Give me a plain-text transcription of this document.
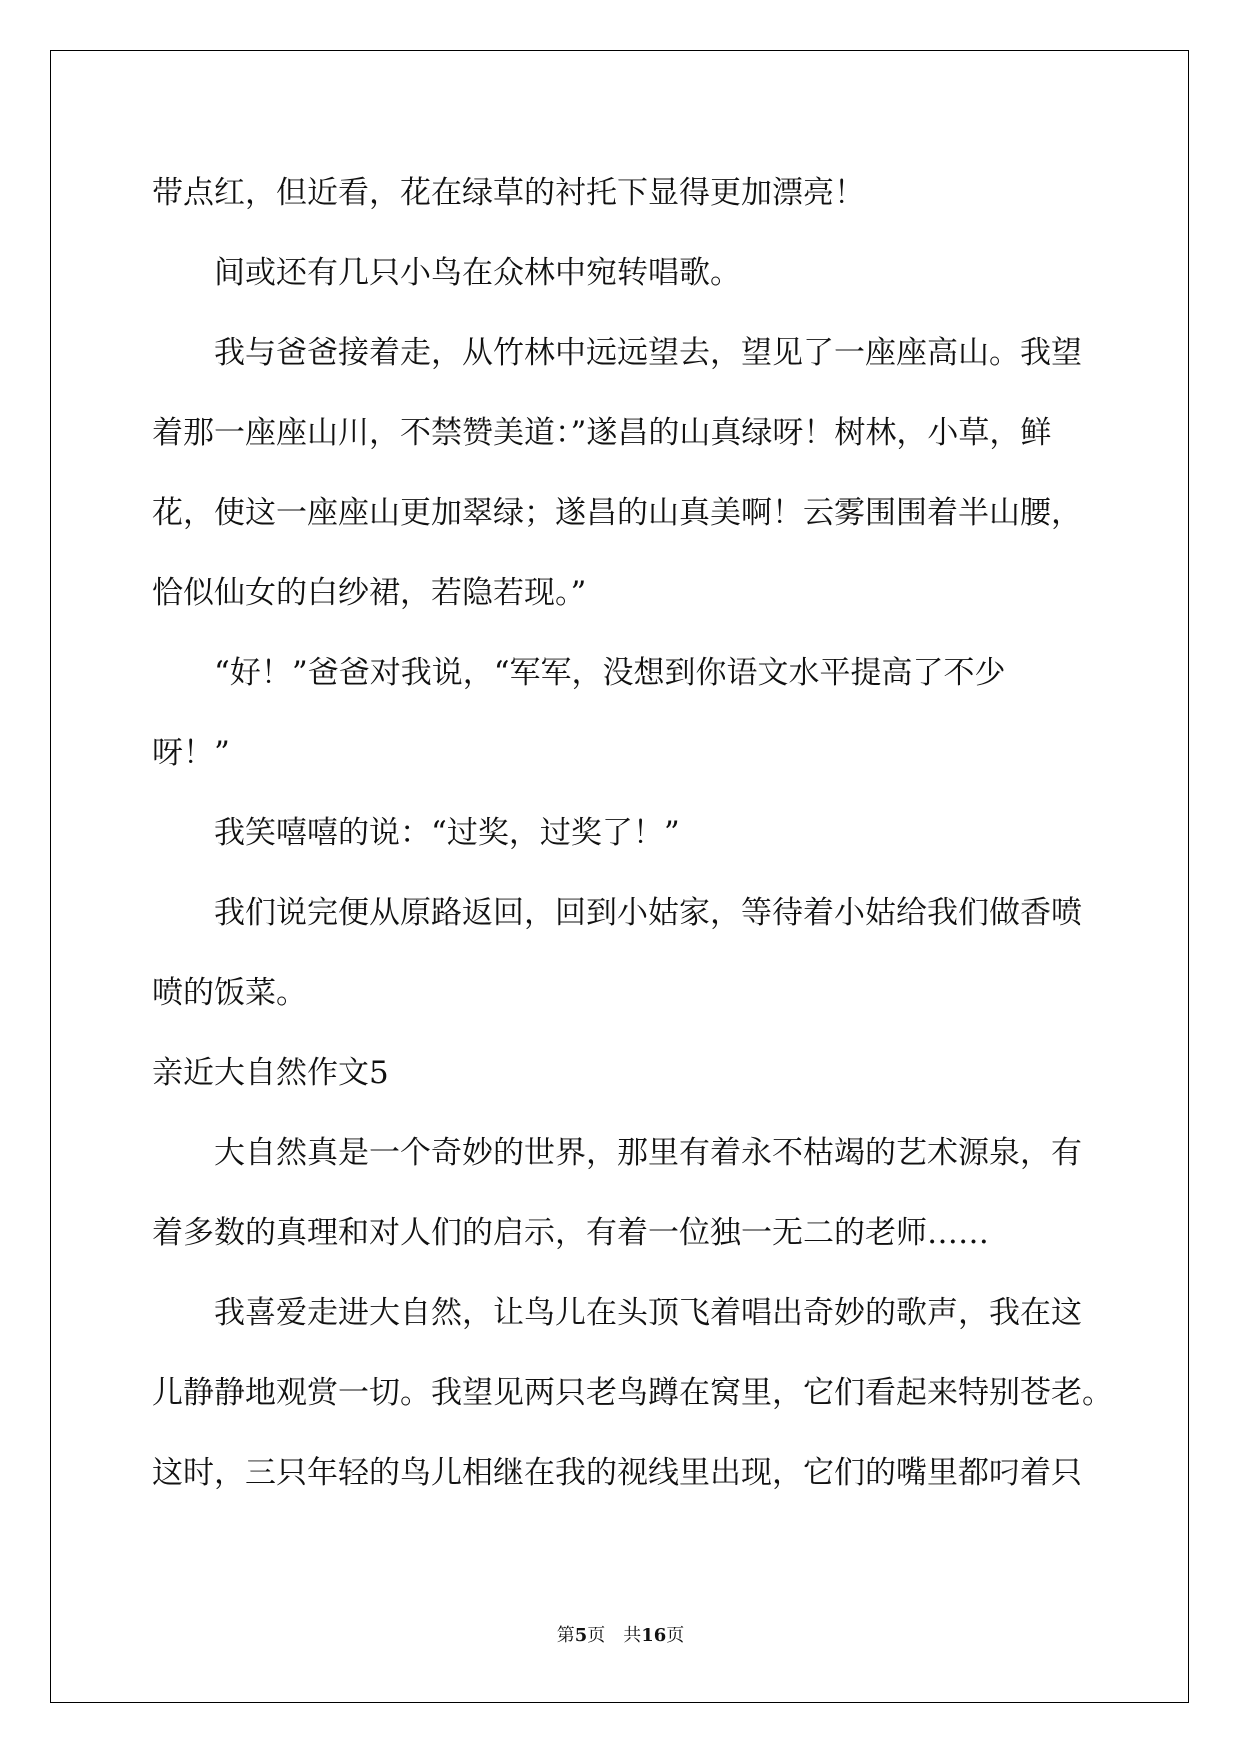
带点红，但近看，花在绿草的衬托下显得更加漂亮！

间或还有几只小鸟在众林中宛转唱歌。

我与爸爸接着走，从竹林中远远望去，望见了一座座高山。我望

着那一座座山川，不禁赞美道：”遂昌的山真绿呀！树林，小草，鲜

花，使这一座座山更加翠绿；遂昌的山真美啊！云雾围围着半山腰，

恰似仙女的白纱裙，若隐若现。”

“好！”爸爸对我说，“军军，没想到你语文水平提高了不少

呀！”

我笑嘻嘻的说：“过奖，过奖了！”

我们说完便从原路返回，回到小姑家，等待着小姑给我们做香喷

喷的饭菜。

亲近大自然作文5

大自然真是一个奇妙的世界，那里有着永不枯竭的艺术源泉，有

着多数的真理和对人们的启示，有着一位独一无二的老师……

我喜爱走进大自然，让鸟儿在头顶飞着唱出奇妙的歌声，我在这

儿静静地观赏一切。我望见两只老鸟蹲在窝里，它们看起来特别苍老。

这时，三只年轻的鸟儿相继在我的视线里出现，它们的嘴里都叼着只

第5页 共16页
